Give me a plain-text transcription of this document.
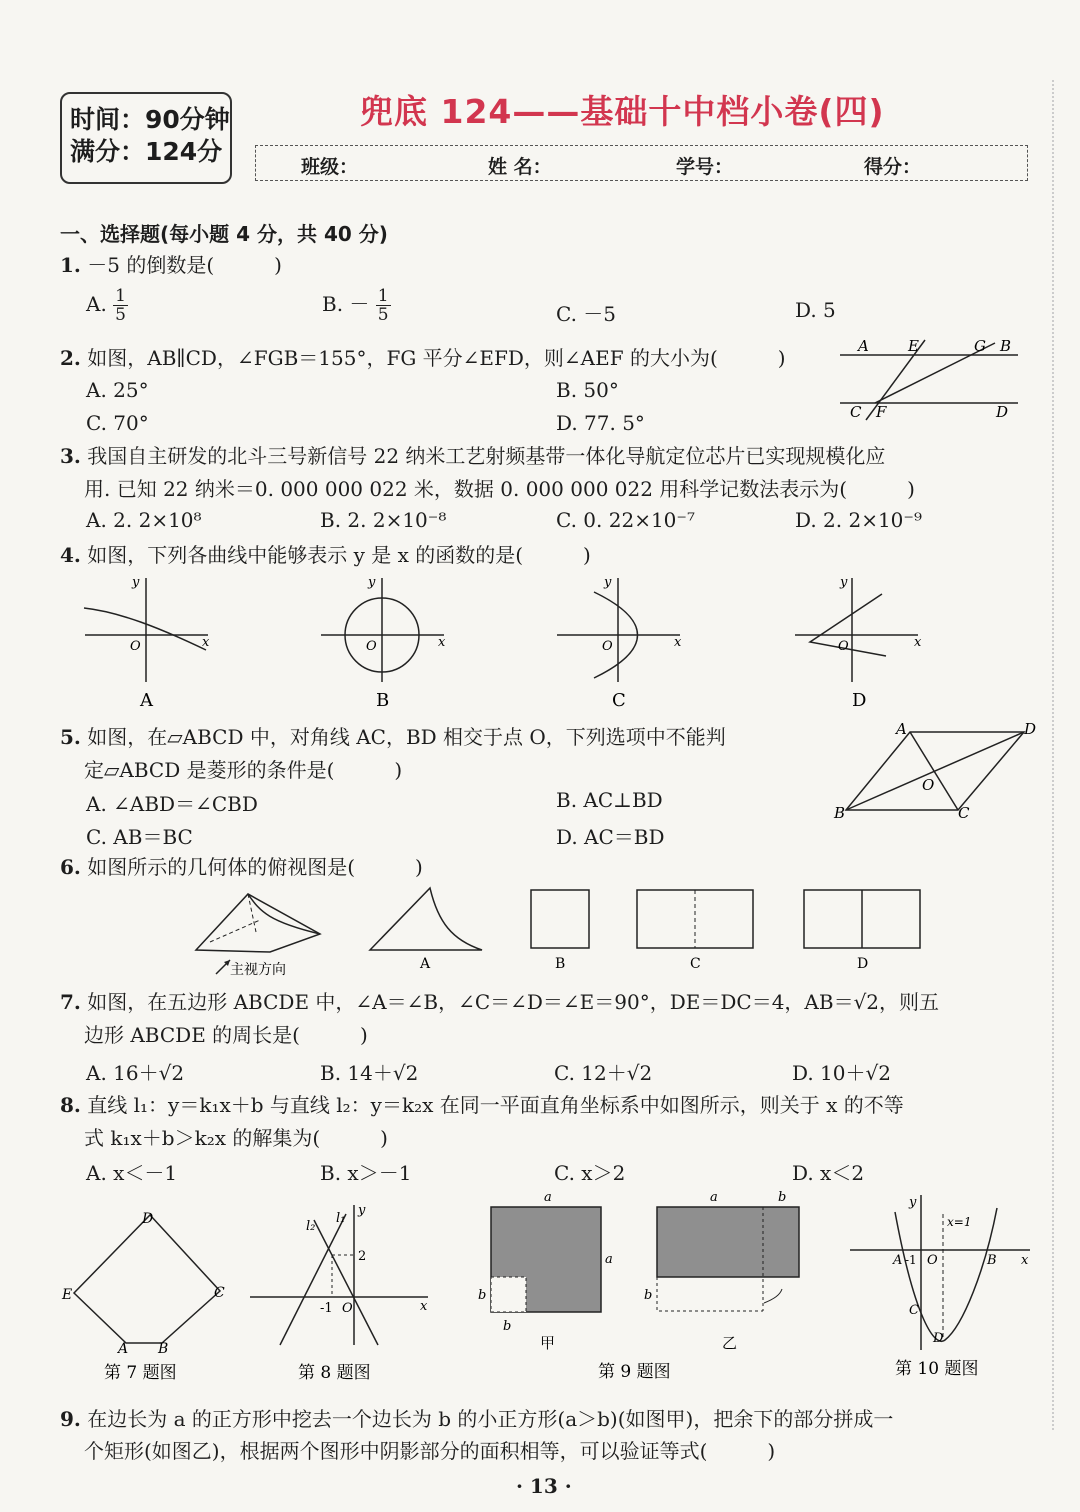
时间：90分钟
满分：124分
兜底 124——基础十中档小卷(四)
班级：	姓 名：	学号：	得分：
一、选择题(每小题 4 分，共 40 分)
1. －5 的倒数是(　　　)
A. $\frac{1}{5}$	B. － $\frac{1}{5}$	C. －5	D. 5
2. 如图，AB∥CD，∠FGB＝155°，FG 平分∠EFD，则∠AEF 的大小为(　　　)
A. 25°	B. 50°
C. 70°	D. 77. 5°
A	E	G B
C F	D
3. 我国自主研发的北斗三号新信号 22 纳米工艺射频基带一体化导航定位芯片已实现规模化应
用. 已知 22 纳米＝0. 000 000 022 米，数据 0. 000 000 022 用科学记数法表示为(　　　)
A. 2. 2×10⁸	B. 2. 2×10⁻⁸	C. 0. 22×10⁻⁷	D. 2. 2×10⁻⁹
4. 如图，下列各曲线中能够表示 y 是 x 的函数的是(　　　)
y
x
O
A
y
x
O
B
y
x
O
C
y
x
O
D
5. 如图，在▱ABCD 中，对角线 AC，BD 相交于点 O，下列选项中不能判
定▱ABCD 是菱形的条件是(　　　)
A. ∠ABD＝∠CBD	B. AC⊥BD
C. AB＝BC	D. AC＝BD
A	D
B	C
O
6. 如图所示的几何体的俯视图是(　　　)
主视方向	A	B	C	D
7. 如图，在五边形 ABCDE 中，∠A＝∠B，∠C＝∠D＝∠E＝90°，DE＝DC＝4，AB＝√2，则五
边形 ABCDE 的周长是(　　　)
A. 16＋√2	B. 14＋√2	C. 12＋√2	D. 10＋√2
8. 直线 l₁：y＝k₁x＋b 与直线 l₂：y＝k₂x 在同一平面直角坐标系中如图所示，则关于 x 的不等
式 k₁x＋b＞k₂x 的解集为(　　　)
A. x＜－1	B. x＞－1	C. x＞2	D. x＜2
D
E	C
A B
第 7 题图
l₂
l₁
y
x
2
-1 O
第 8 题图
a
a
b
b
甲
a	b
b
乙
第 9 题图
y
x
x=1
A -1 O	B
C
D
第 10 题图
9. 在边长为 a 的正方形中挖去一个边长为 b 的小正方形(a＞b)(如图甲)，把余下的部分拼成一
个矩形(如图乙)，根据两个图形中阴影部分的面积相等，可以验证等式(　　　)
· 13 ·
